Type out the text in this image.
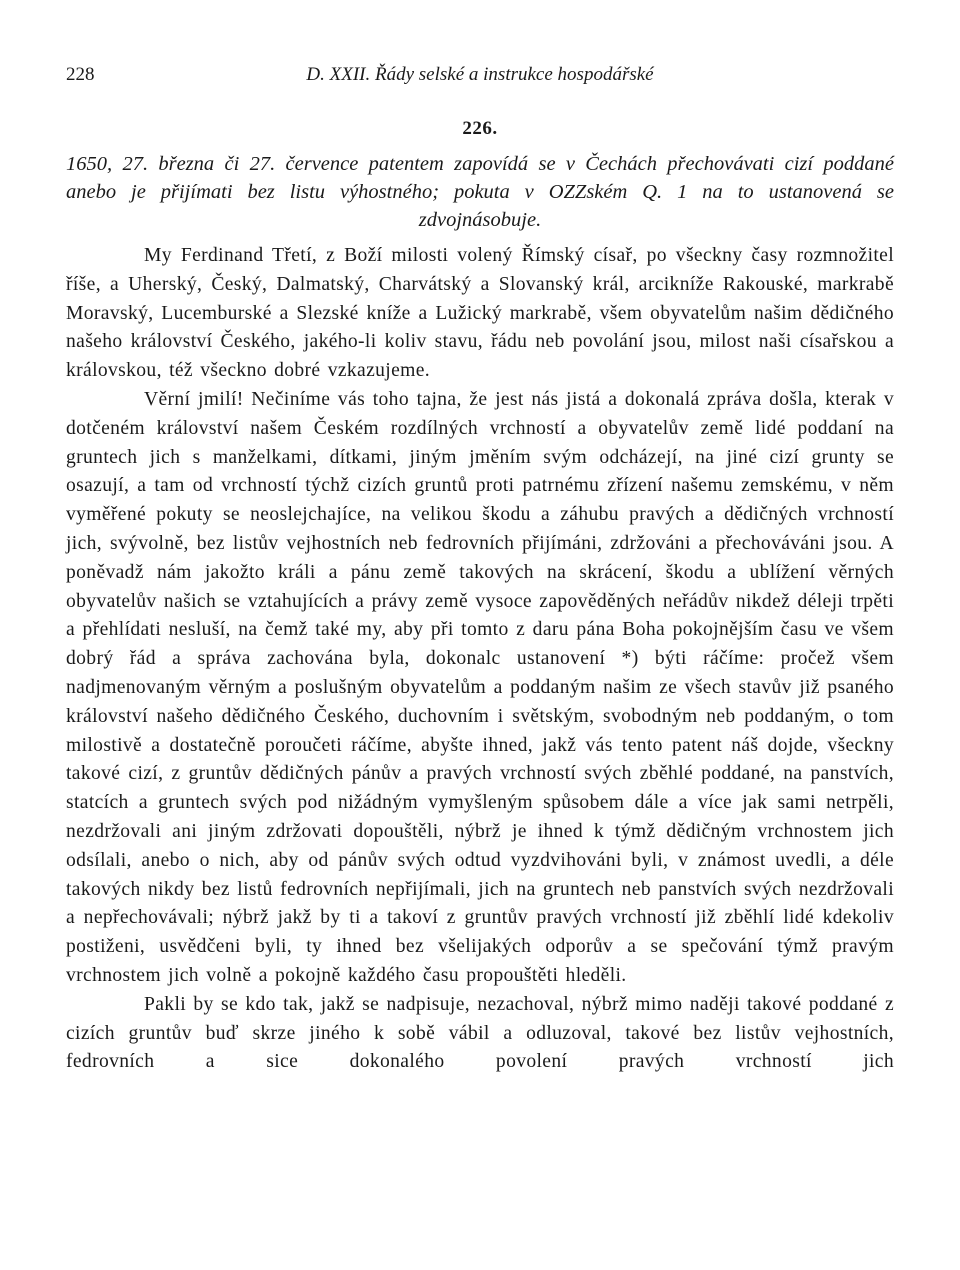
228	D. XXII. Řády selské a instrukce hospodářské
226.
1650, 27. března či 27. července patentem zapovídá se v Čechách přechovávati cizí poddané anebo je přijímati bez listu výhostného; pokuta v OZZském Q. 1 na to ustanovená se zdvojnásobuje.

My Ferdinand Třetí, z Boží milosti volený Římský císař, po všeckny časy rozmnožitel říše, a Uherský, Český, Dalmatský, Charvátský a Slovanský král, arcikníže Rakouské, markrabě Moravský, Lucemburské a Slezské kníže a Lužický markrabě, všem obyvatelům našim dědičného našeho království Českého, jakého-li koliv stavu, řádu neb povolání jsou, milost naši císařskou a královskou, též všeckno dobré vzkazujeme.

Věrní jmilí! Nečiníme vás toho tajna, že jest nás jistá a dokonalá zpráva došla, kterak v dotčeném království našem Českém rozdílných vrchností a obyvatelův země lidé poddaní na gruntech jich s manželkami, dítkami, jiným jměním svým odcházejí, na jiné cizí grunty se osazují, a tam od vrchností týchž cizích gruntů proti patrnému zřízení našemu zemskému, v něm vyměřené pokuty se neoslejchajíce, na velikou škodu a záhubu pravých a dědičných vrchností jich, svývolně, bez listův vejhostních neb fedrovních přijímáni, zdržováni a přechováváni jsou. A poněvadž nám jakožto králi a pánu země takových na skrácení, škodu a ublížení věrných obyvatelův našich se vztahujících a právy země vysoce zapověděných neřádův nikdež déleji trpěti a přehlídati nesluší, na čemž také my, aby při tomto z daru pána Boha pokojnějším času ve všem dobrý řád a správa zachována byla, dokonalc ustanovení *) býti ráčíme: pročež všem nadjmenovaným věrným a poslušným obyvatelům a poddaným našim ze všech stavův již psaného království našeho dědičného Českého, duchovním i světským, svobodným neb poddaným, o tom milostivě a dostatečně poroučeti ráčíme, abyšte ihned, jakž vás tento patent náš dojde, všeckny takové cizí, z gruntův dědičných pánův a pravých vrchností svých zběhlé poddané, na panstvích, statcích a gruntech svých pod nižádným vymyšleným spůsobem dále a více jak sami netrpěli, nezdržovali ani jiným zdržovati dopouštěli, nýbrž je ihned k týmž dědičným vrchnostem jich odsílali, anebo o nich, aby od pánův svých odtud vyzdvihováni byli, v známost uvedli, a déle takových nikdy bez listů fedrovních nepřijímali, jich na gruntech neb panstvích svých nezdržovali a nepřechovávali; nýbrž jakž by ti a takoví z gruntův pravých vrchností již zběhlí lidé kdekoliv postiženi, usvědčeni byli, ty ihned bez všelijakých odporův a se spečování týmž pravým vrchnostem jich volně a pokojně každého času propouštěti hleděli.

Pakli by se kdo tak, jakž se nadpisuje, nezachoval, nýbrž mimo naději takové poddané z cizích gruntův buď skrze jiného k sobě vábil a odluzoval, takové bez listův vejhostních, fedrovních a sice dokonalého povolení pravých vrchností jich
